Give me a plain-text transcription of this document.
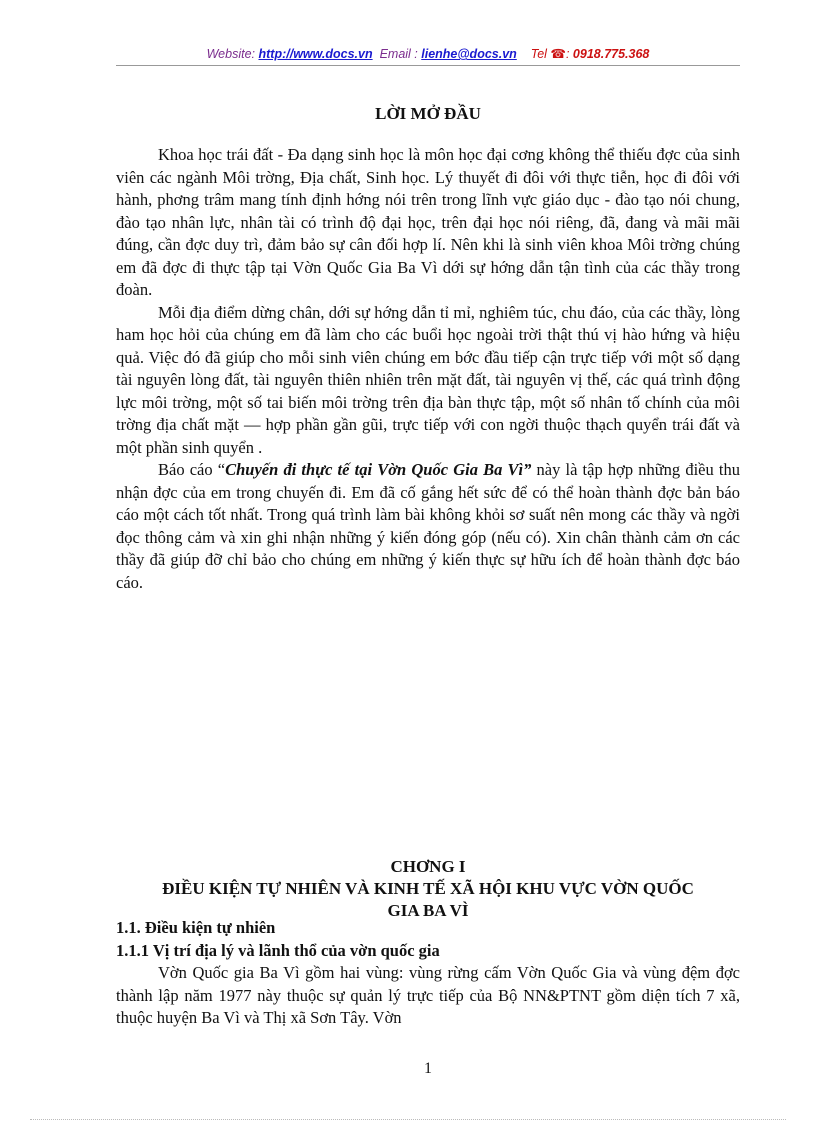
Website: http://www.docs.vn Email : lienhe@docs.vn Tel ☎: 0918.775.368
LỜI MỞ ĐẦU

Khoa học trái đất - Đa dạng sinh học là môn học đại cơng không thể thiếu đợc của sinh viên các ngành Môi trờng, Địa chất, Sinh học. Lý thuyết đi đôi với thực tiễn, học đi đôi với hành, phơng trâm mang tính định hớng nói trên trong lĩnh vực giáo dục - đào tạo nói chung, đào tạo nhân lực, nhân tài có trình độ đại học, trên đại học nói riêng, đã, đang và mãi mãi đúng, cần đợc duy trì, đảm bảo sự cân đối hợp lí. Nên khi là sinh viên khoa Môi trờng chúng em đã đợc đi thực tập tại Vờn Quốc Gia Ba Vì dới sự hớng dẫn tận tình của các thầy trong đoàn.

Mỗi địa điểm dừng chân, dới sự hớng dẫn tỉ mỉ, nghiêm túc, chu đáo, của các thầy, lòng ham học hỏi của chúng em đã làm cho các buổi học ngoài trời thật thú vị hào hứng và hiệu quả. Việc đó đã giúp cho mỗi sinh viên chúng em bớc đầu tiếp cận trực tiếp với một số dạng tài nguyên lòng đất, tài nguyên thiên nhiên trên mặt đất, tài nguyên vị thế, các quá trình động lực môi trờng, một số tai biến môi trờng trên địa bàn thực tập, một số nhân tố chính của môi trờng địa chất mặt — hợp phần gần gũi, trực tiếp với con ngời thuộc thạch quyển trái đất và một phần sinh quyển .

Báo cáo “Chuyến đi thực tế tại Vờn Quốc Gia Ba Vì” này là tập hợp những điều thu nhận đợc của em trong chuyến đi. Em đã cố gắng hết sức để có thể hoàn thành đợc bản báo cáo một cách tốt nhất. Trong quá trình làm bài không khỏi sơ suất nên mong các thầy và ngời đọc thông cảm và xin ghi nhận những ý kiến đóng góp (nếu có). Xin chân thành cảm ơn các thầy đã giúp đỡ chỉ bảo cho chúng em những ý kiến thực sự hữu ích để hoàn thành đợc báo cáo.

CHƠNG I
ĐIỀU KIỆN TỰ NHIÊN VÀ KINH TẾ XÃ HỘI KHU VỰC VỜN QUỐC
GIA BA VÌ
1.1. Điều kiện tự nhiên
1.1.1 Vị trí địa lý và lãnh thổ của vờn quốc gia

Vờn Quốc gia Ba Vì gồm hai vùng: vùng rừng cấm Vờn Quốc Gia và vùng đệm đợc thành lập năm 1977 này thuộc sự quản lý trực tiếp của Bộ NN&PTNT gồm diện tích 7 xã, thuộc huyện Ba Vì và Thị xã Sơn Tây. Vờn

1
